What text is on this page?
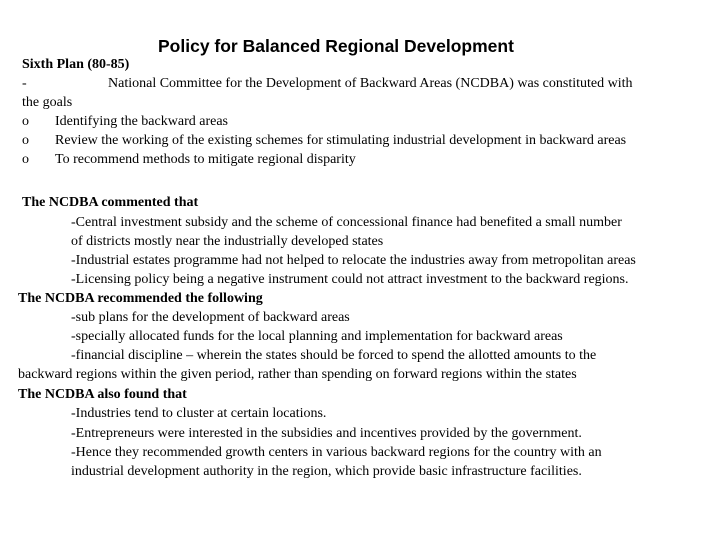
Policy for Balanced Regional Development
Sixth Plan (80-85)
-	National Committee for the Development of Backward Areas (NCDBA) was constituted with
the goals
o Identifying the backward areas
o Review the working of the existing schemes for stimulating industrial development in backward areas
o To recommend methods to mitigate regional disparity
The NCDBA commented that
-Central investment subsidy and the scheme of concessional finance had benefited a small number
of districts mostly near the industrially developed states
-Industrial estates programme had not helped to relocate the industries away from metropolitan areas
-Licensing policy being a negative instrument could not attract investment to the backward regions.
The NCDBA recommended the following
-sub plans for the development of backward areas
-specially allocated funds for the local planning and implementation for backward areas
-financial discipline – wherein the states should be forced to spend the allotted amounts to the
backward regions within the given period, rather than spending on forward regions within the states
The NCDBA also found that
-Industries tend to cluster at certain locations.
-Entrepreneurs were interested in the subsidies and incentives provided by the government.
-Hence they recommended growth centers in various backward regions for the country with an
industrial development authority in the region, which provide basic infrastructure facilities.
